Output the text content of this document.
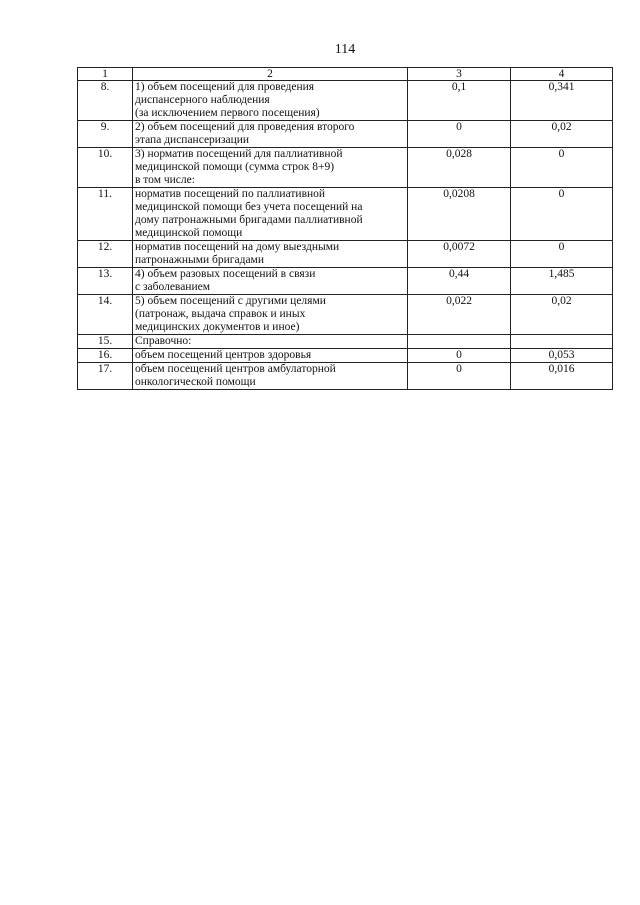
114
1	2	3	4
8.	1) объем посещений для проведения
диспансерного наблюдения
(за исключением первого посещения)	0,1	0,341
9.	2) объем посещений для проведения второго
этапа диспансеризации	0	0,02
10.	3) норматив посещений для паллиативной
медицинской помощи (сумма строк 8+9)
в том числе:	0,028	0
11.	норматив посещений по паллиативной
медицинской помощи без учета посещений на
дому патронажными бригадами паллиативной
медицинской помощи	0,0208	0
12.	норматив посещений на дому выездными
патронажными бригадами	0,0072	0
13.	4) объем разовых посещений в связи
с заболеванием	0,44	1,485
14.	5) объем посещений с другими целями
(патронаж, выдача справок и иных
медицинских документов и иное)	0,022	0,02
15.	Справочно:		

16.	объем посещений центров здоровья	0	0,053
17.	объем посещений центров амбулаторной
онкологической помощи	0	0,016
